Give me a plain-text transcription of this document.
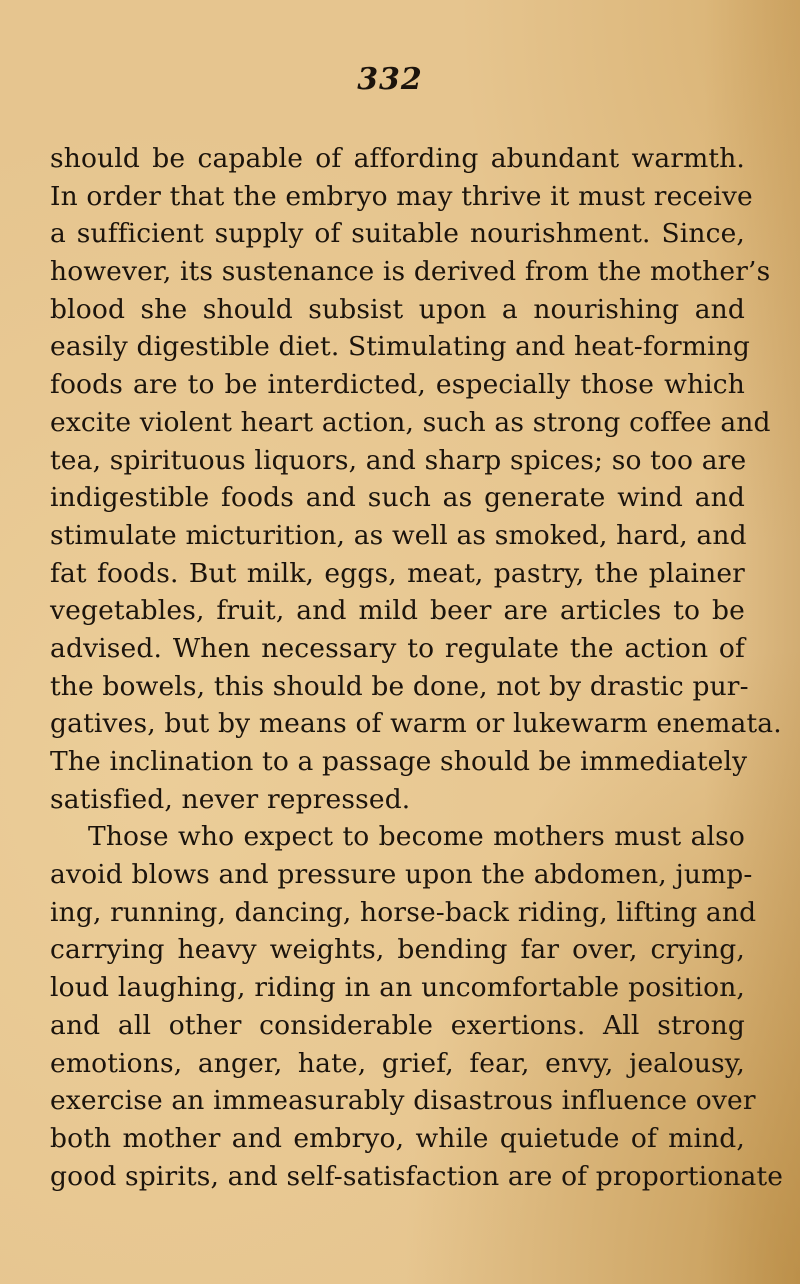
332
should be capable of affording abundant warmth.
In order that the embryo may thrive it must receive
a sufficient supply of suitable nourishment. Since,
however, its sustenance is derived from the mother’s
blood she should subsist upon a nourishing and
easily digestible diet. Stimulating and heat-forming
foods are to be interdicted, especially those which
excite violent heart action, such as strong coffee and
tea, spirituous liquors, and sharp spices; so too are
indigestible foods and such as generate wind and
stimulate micturition, as well as smoked, hard, and
fat foods. But milk, eggs, meat, pastry, the plainer
vegetables, fruit, and mild beer are articles to be
advised. When necessary to regulate the action of
the bowels, this should be done, not by drastic pur-
gatives, but by means of warm or lukewarm enemata.
The inclination to a passage should be immediately
satisfied, never repressed.
Those who expect to become mothers must also
avoid blows and pressure upon the abdomen, jump-
ing, running, dancing, horse-back riding, lifting and
carrying heavy weights, bending far over, crying,
loud laughing, riding in an uncomfortable position,
and all other considerable exertions. All strong
emotions, anger, hate, grief, fear, envy, jealousy,
exercise an immeasurably disastrous influence over
both mother and embryo, while quietude of mind,
good spirits, and self-satisfaction are of proportionate
